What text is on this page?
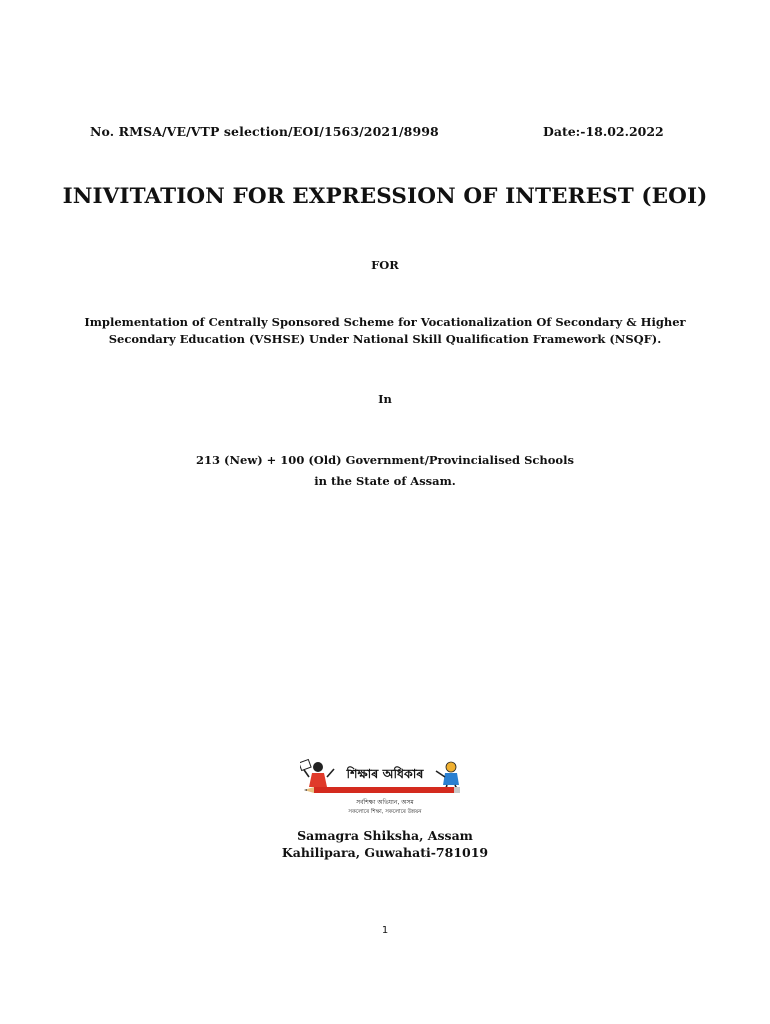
No. RMSA/VE/VTP selection/EOI/1563/2021/8998	Date:-18.02.2022
INIVITATION FOR EXPRESSION OF INTEREST (EOI)
FOR
Implementation of Centrally Sponsored Scheme for Vocationalization Of Secondary & Higher
Secondary Education (VSHSE) Under National Skill Qualification Framework (NSQF).
In
213 (New) + 100 (Old) Government/Provincialised Schools
in the State of Assam.
শিক্ষাৰ অধিকাৰ
সৰ্বশিক্ষা অভিযান, অসম
সকলোৰে শিক্ষা, সকলোৰে উন্নয়ন
Samagra Shiksha, Assam
Kahilipara, Guwahati-781019
1
